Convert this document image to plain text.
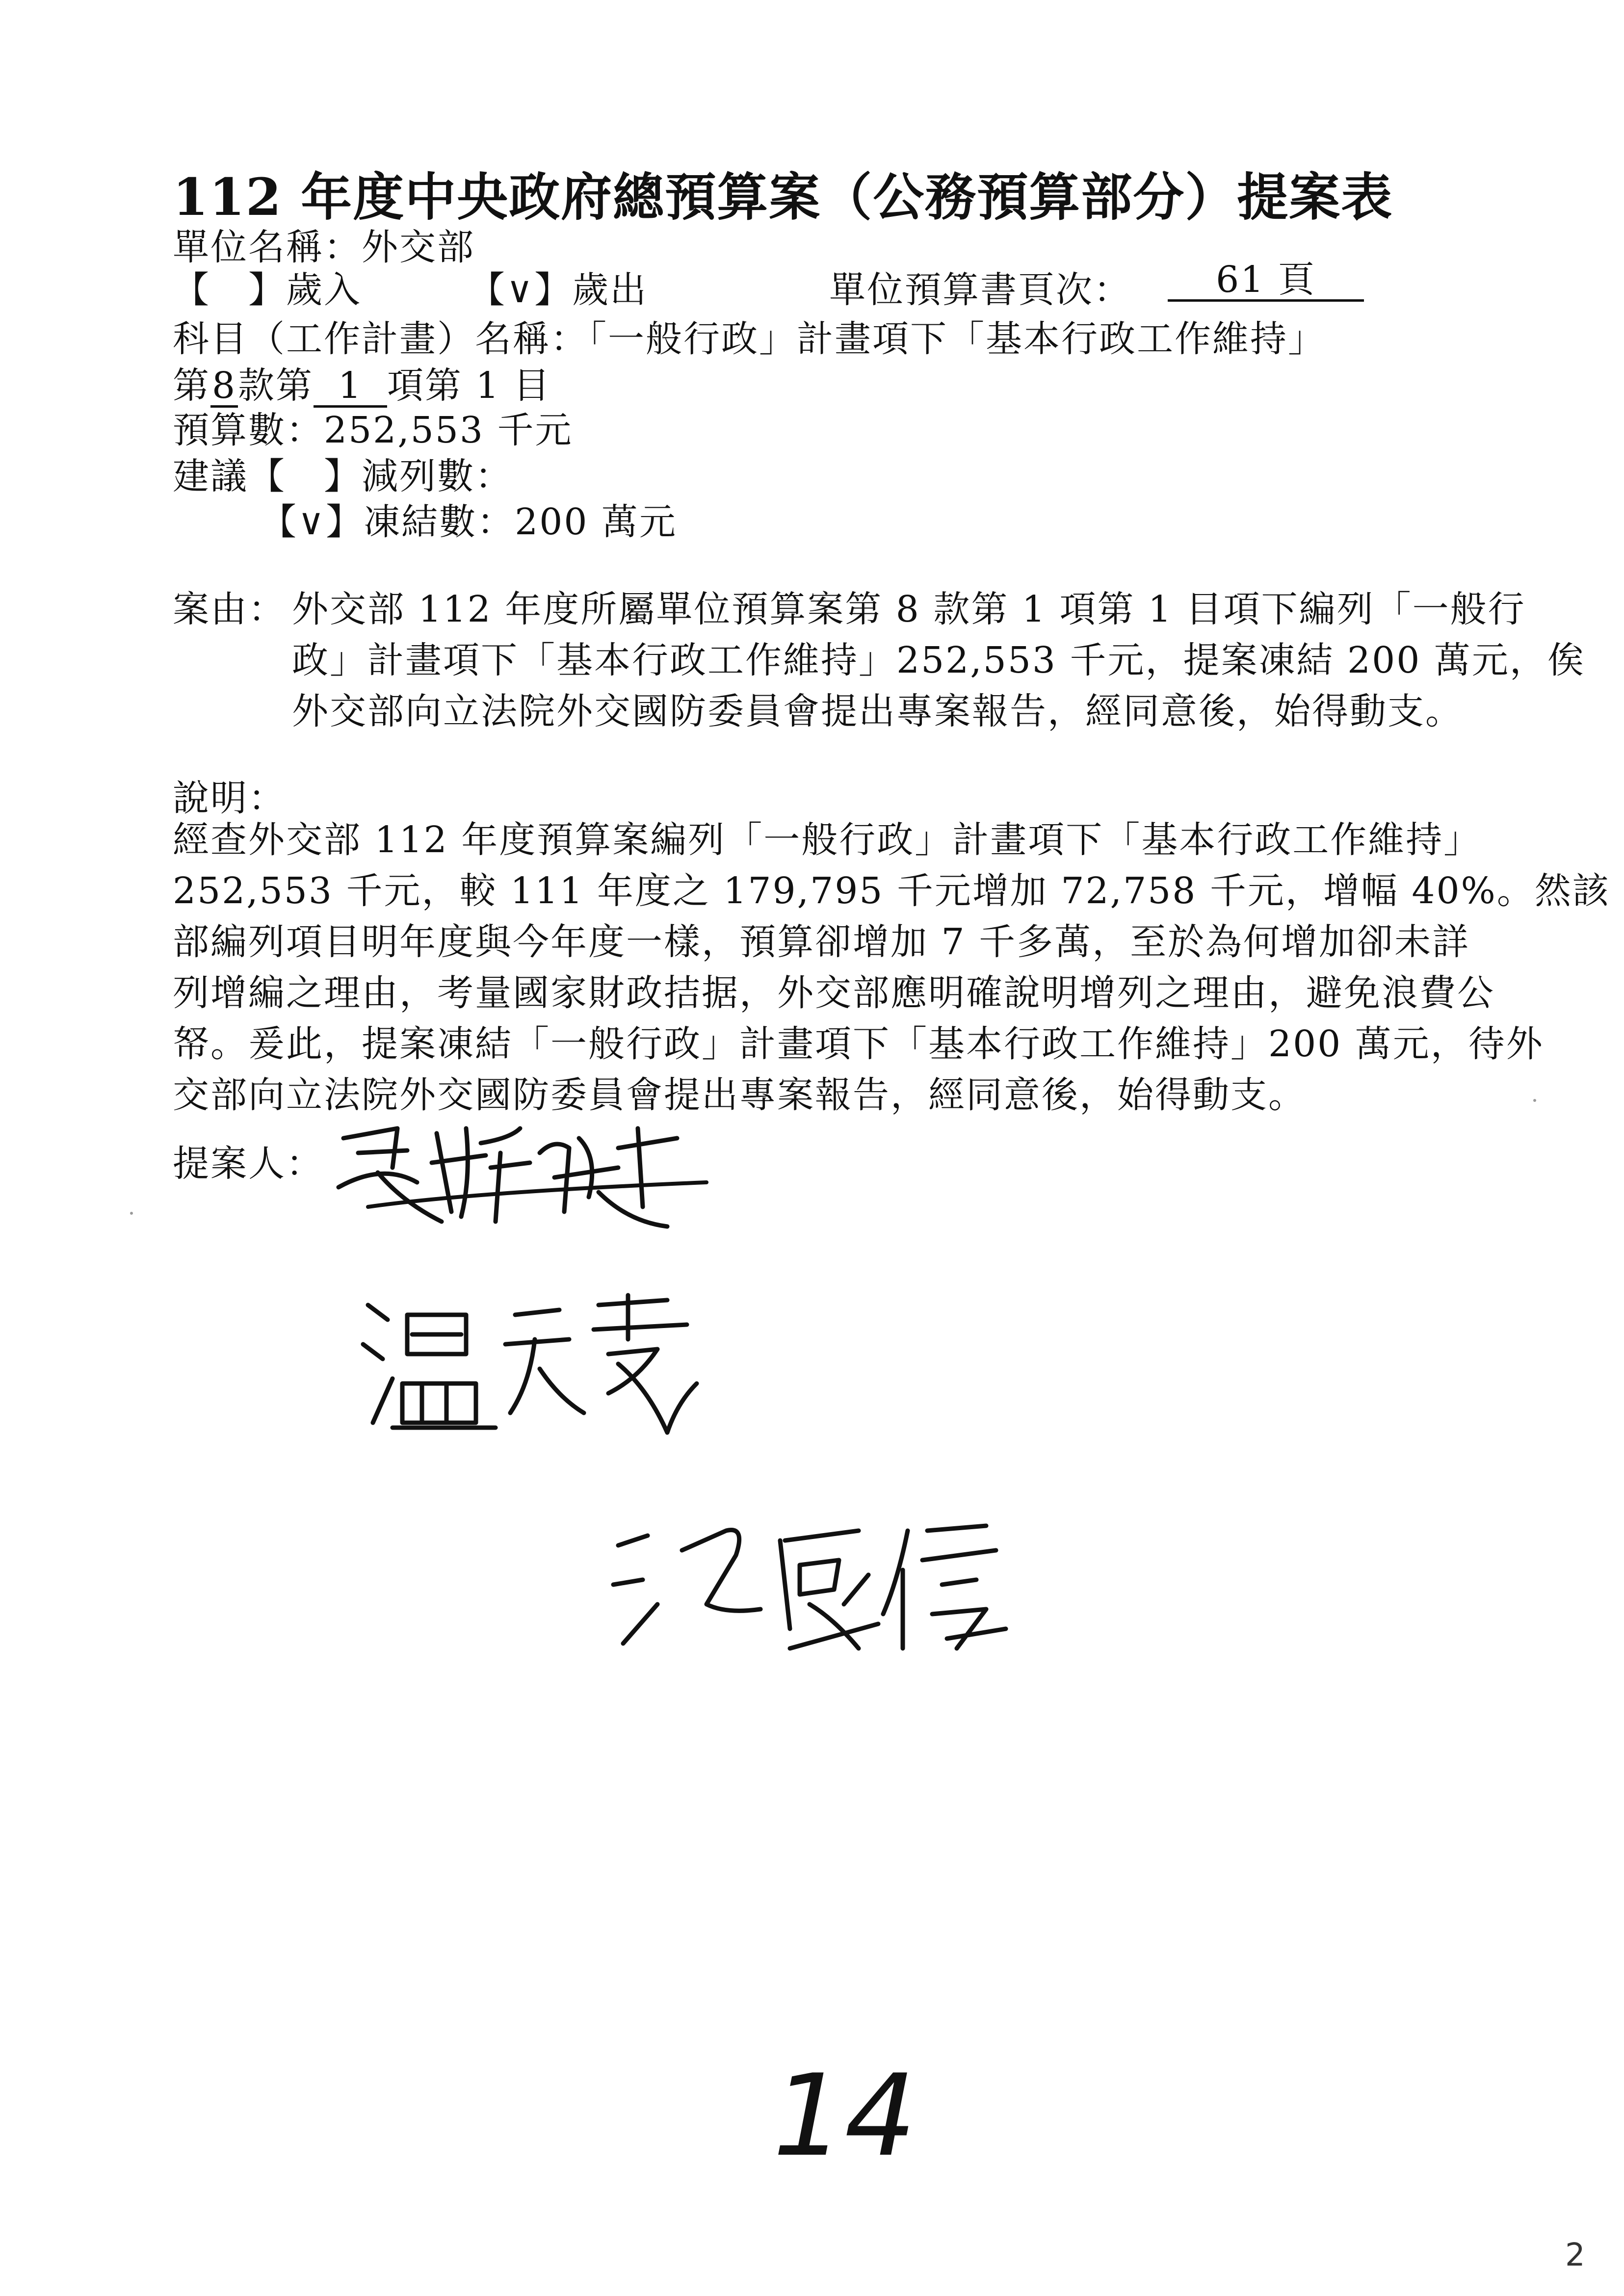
112 年度中央政府總預算案（公務預算部分）提案表
單位名稱：外交部
【　】歲入	【∨】歲出	單位預算書頁次：	61 頁
科目（工作計畫）名稱：「一般行政」計畫項下「基本行政工作維持」
第8款第 1 項第 1 目
預算數：252,553 千元
建議【　】減列數：
【∨】凍結數：200 萬元
案由： 外交部 112 年度所屬單位預算案第 8 款第 1 項第 1 目項下編列「一般行
政」計畫項下「基本行政工作維持」252,553 千元，提案凍結 200 萬元，俟
外交部向立法院外交國防委員會提出專案報告，經同意後，始得動支。
說明：
經查外交部 112 年度預算案編列「一般行政」計畫項下「基本行政工作維持」
252,553 千元，較 111 年度之 179,795 千元增加 72,758 千元，增幅 40%。然該
部編列項目明年度與今年度一樣，預算卻增加 7 千多萬，至於為何增加卻未詳
列增編之理由，考量國家財政拮据，外交部應明確說明增列之理由，避免浪費公
帑。爰此，提案凍結「一般行政」計畫項下「基本行政工作維持」200 萬元，待外
交部向立法院外交國防委員會提出專案報告，經同意後，始得動支。
提案人：
14
2
